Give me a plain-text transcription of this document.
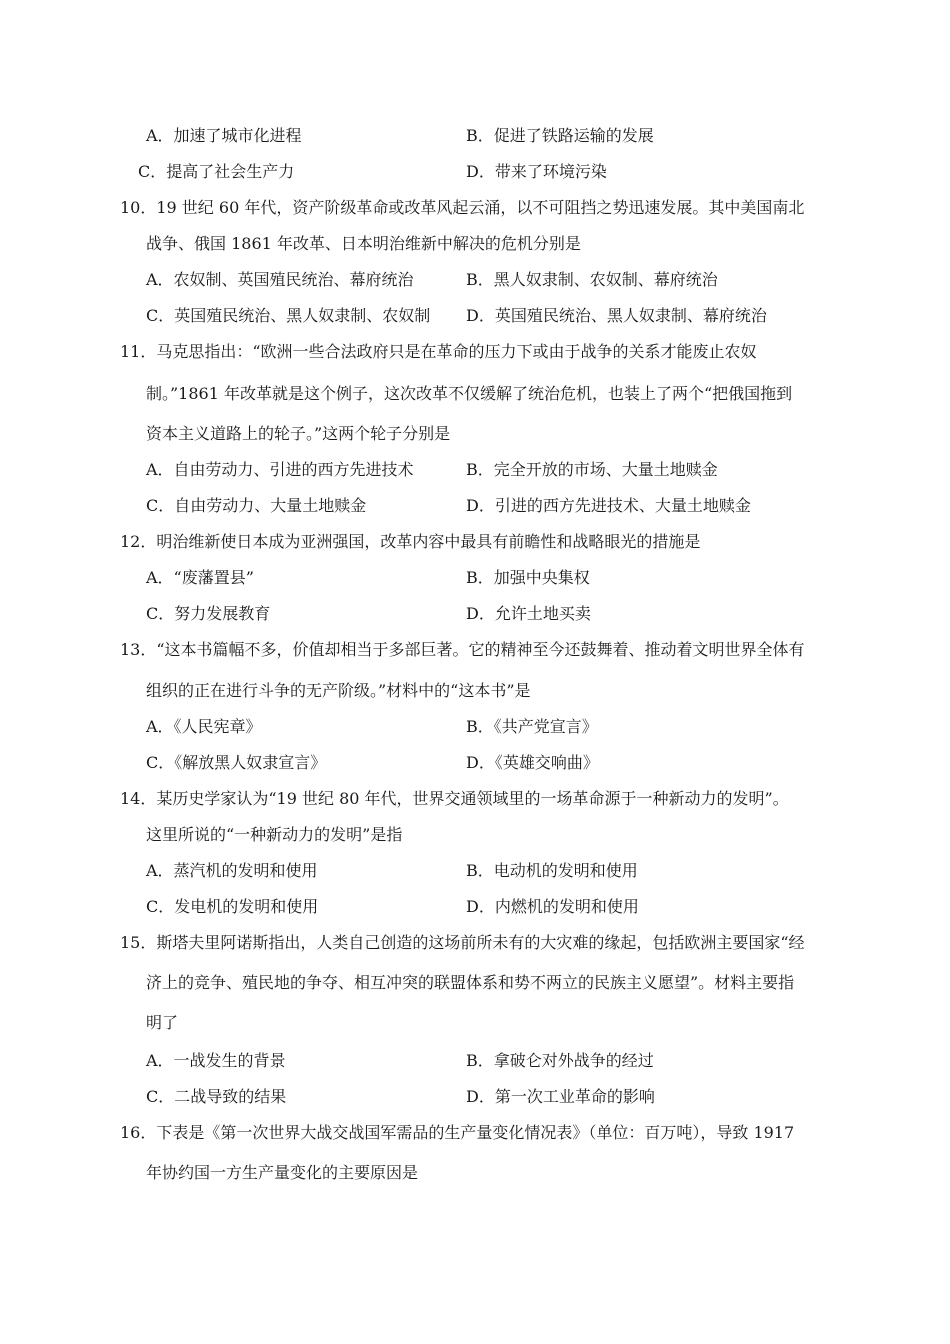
A．加速了城市化进程	B．促进了铁路运输的发展
C．提高了社会生产力	D．带来了环境污染
10．19 世纪 60 年代，资产阶级革命或改革风起云涌，以不可阻挡之势迅速发展。其中美国南北
战争、俄国 1861 年改革、日本明治维新中解决的危机分别是
A．农奴制、英国殖民统治、幕府统治	B．黑人奴隶制、农奴制、幕府统治
C．英国殖民统治、黑人奴隶制、农奴制 D．英国殖民统治、黑人奴隶制、幕府统治
11．马克思指出：“欧洲一些合法政府只是在革命的压力下或由于战争的关系才能废止农奴
制。”1861 年改革就是这个例子，这次改革不仅缓解了统治危机，也装上了两个“把俄国拖到
资本主义道路上的轮子。”这两个轮子分别是
A．自由劳动力、引进的西方先进技术	B．完全开放的市场、大量土地赎金
C．自由劳动力、大量土地赎金	D．引进的西方先进技术、大量土地赎金
12．明治维新使日本成为亚洲强国，改革内容中最具有前瞻性和战略眼光的措施是
A．“废藩置县”	B．加强中央集权
C．努力发展教育	D．允许土地买卖
13．“这本书篇幅不多，价值却相当于多部巨著。它的精神至今还鼓舞着、推动着文明世界全体有
组织的正在进行斗争的无产阶级。”材料中的“这本书”是
A．《人民宪章》	B．《共产党宣言》
C．《解放黑人奴隶宣言》	D．《英雄交响曲》
14．某历史学家认为“19 世纪 80 年代，世界交通领域里的一场革命源于一种新动力的发明”。
这里所说的“一种新动力的发明”是指
A．蒸汽机的发明和使用	B．电动机的发明和使用
C．发电机的发明和使用	D．内燃机的发明和使用
15．斯塔夫里阿诺斯指出，人类自己创造的这场前所未有的大灾难的缘起，包括欧洲主要国家“经
济上的竞争、殖民地的争夺、相互冲突的联盟体系和势不两立的民族主义愿望”。材料主要指
明了
A．一战发生的背景	B．拿破仑对外战争的经过
C．二战导致的结果	D．第一次工业革命的影响
16．下表是《第一次世界大战交战国军需品的生产量变化情况表》（单位：百万吨），导致 1917
年协约国一方生产量变化的主要原因是
